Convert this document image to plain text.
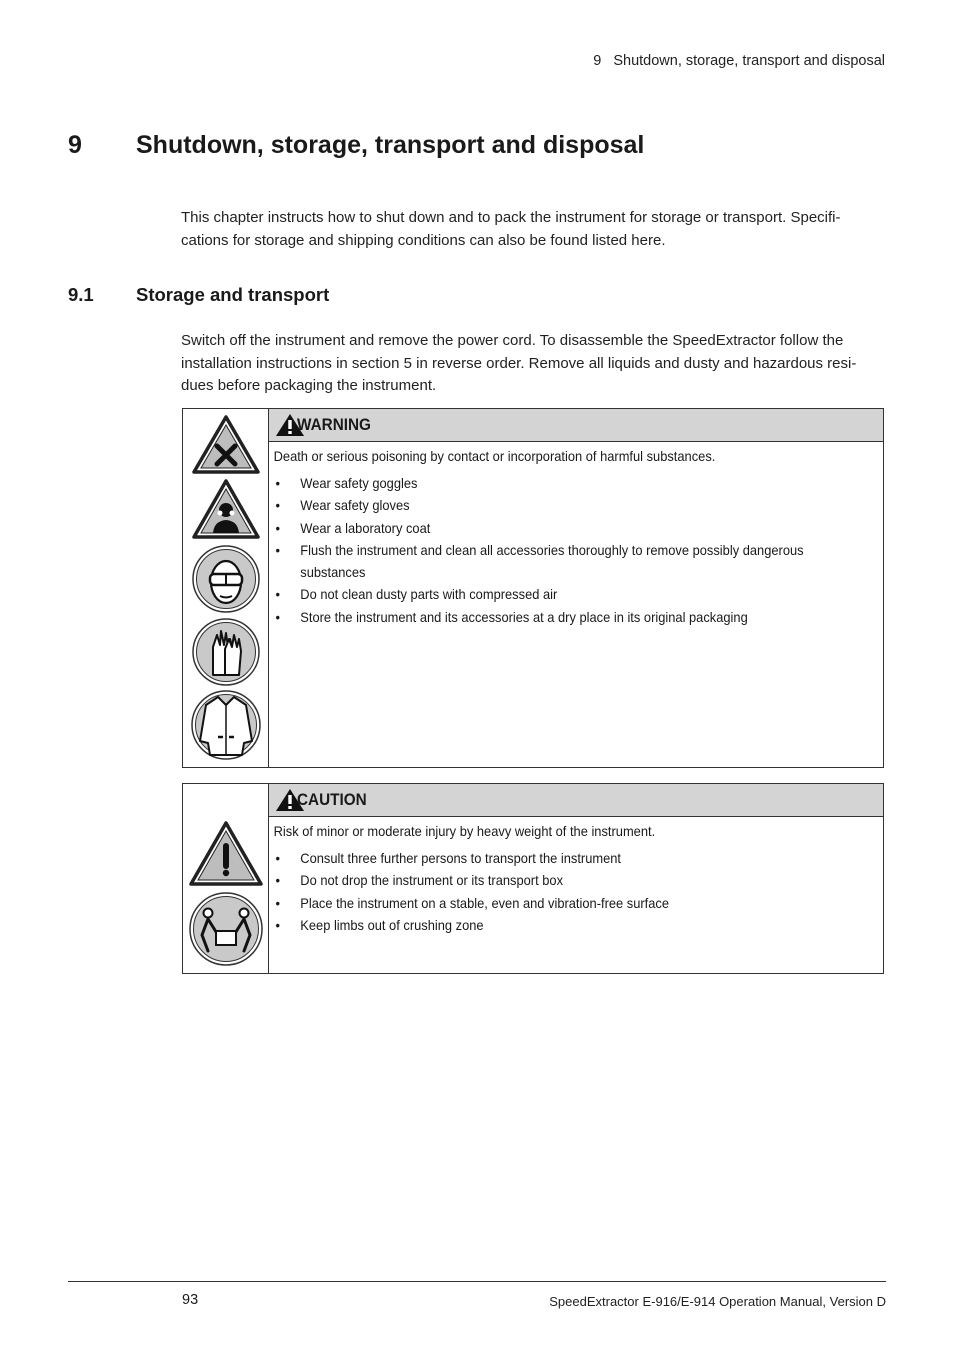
9   Shutdown, storage, transport and disposal
9 Shutdown, storage, transport and disposal
This chapter instructs how to shut down and to pack the instrument for storage or transport. Specifi-cations for storage and shipping conditions can also be found listed here.
9.1 Storage and transport
Switch off the instrument and remove the power cord. To disassemble the SpeedExtractor follow the installation instructions in section 5 in reverse order. Remove all liquids and dusty and hazardous resi-dues before packaging the instrument.
WARNING
Death or serious poisoning by contact or incorporation of harmful substances.
• Wear safety goggles
• Wear safety gloves
• Wear a laboratory coat
• Flush the instrument and clean all accessories thoroughly to remove possibly dangerous substances
• Do not clean dusty parts with compressed air
• Store the instrument and its accessories at a dry place in its original packaging
CAUTION
Risk of minor or moderate injury by heavy weight of the instrument.
• Consult three further persons to transport the instrument
• Do not drop the instrument or its transport box
• Place the instrument on a stable, even and vibration-free surface
• Keep limbs out of crushing zone
93	SpeedExtractor E-916/E-914 Operation Manual, Version D
